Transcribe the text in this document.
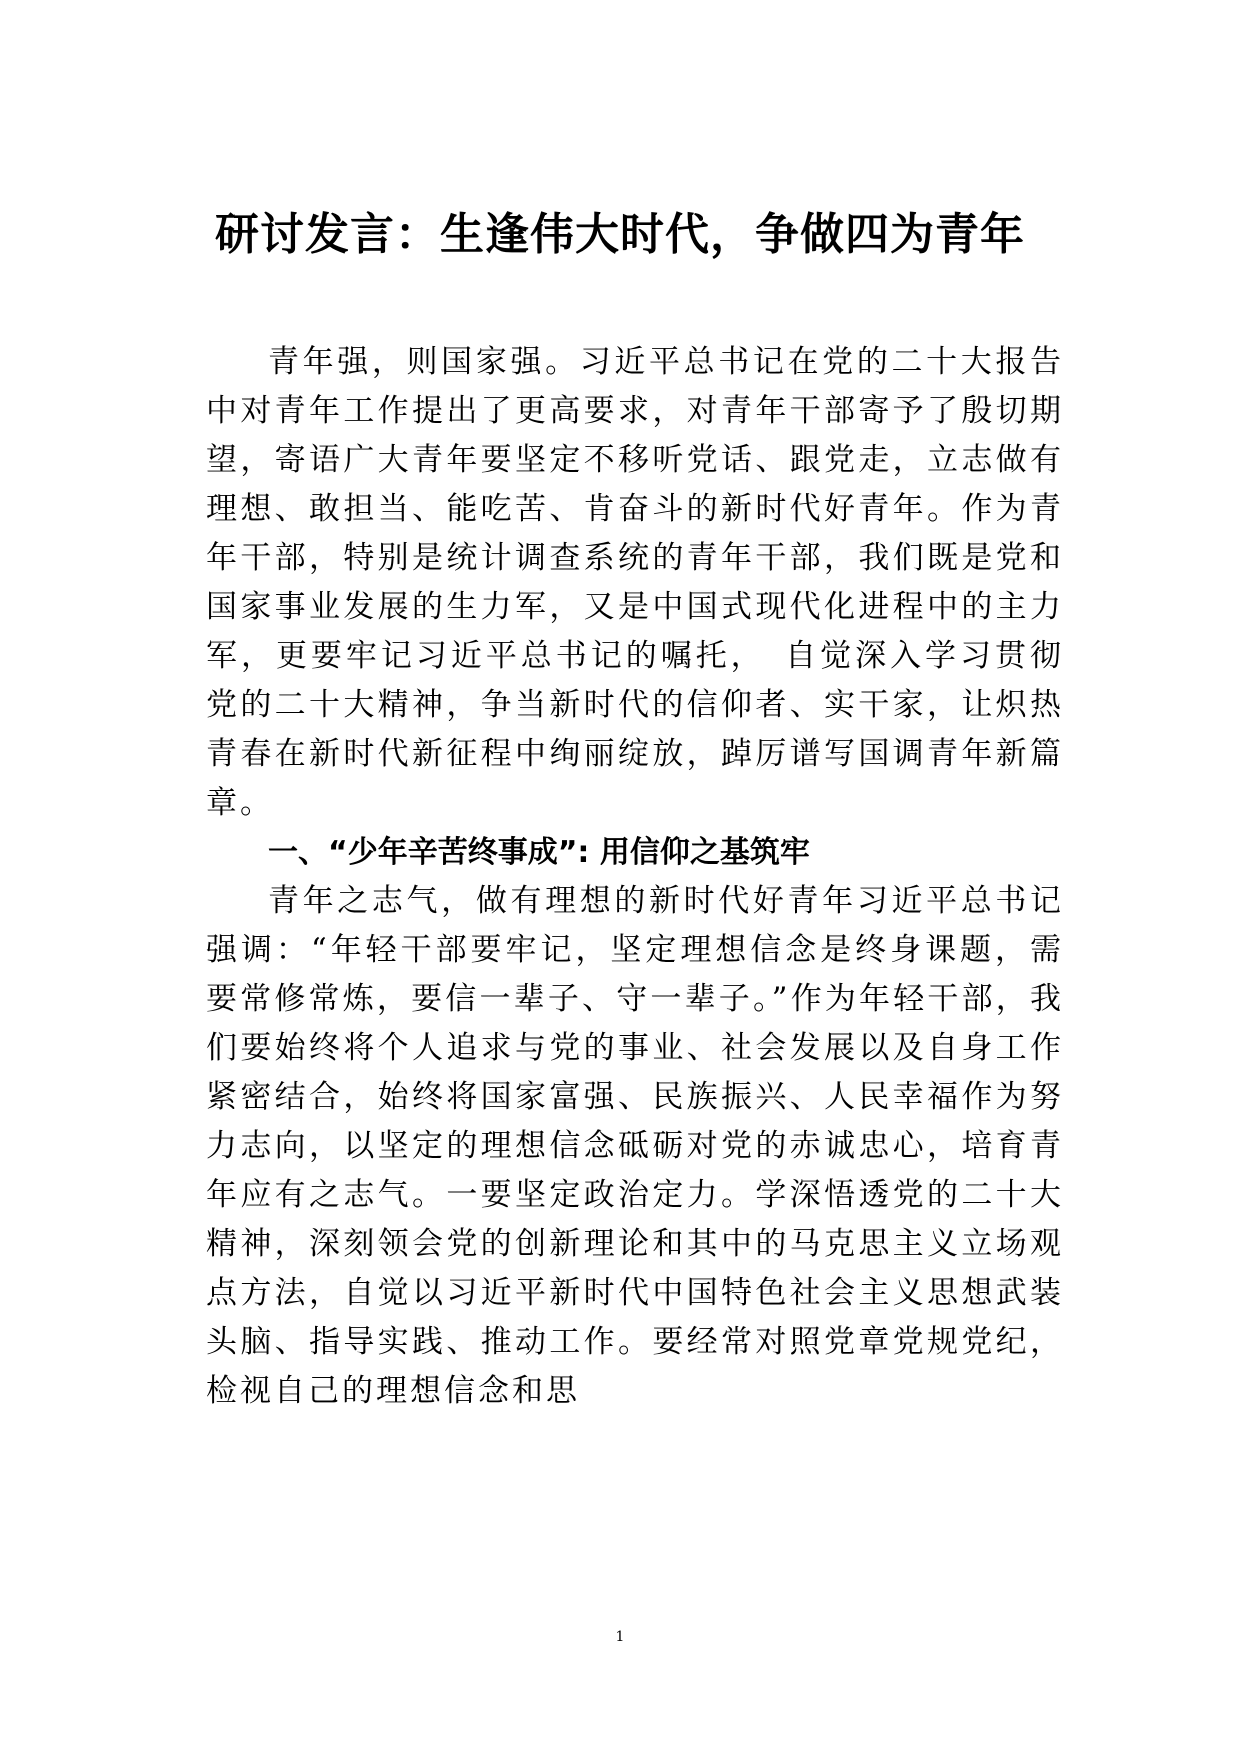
研讨发言：生逢伟大时代，争做四为青年

青年强，则国家强。习近平总书记在党的二十大报告中对青年工作提出了更高要求，对青年干部寄予了殷切期望，寄语广大青年要坚定不移听党话、跟党走，立志做有理想、敢担当、能吃苦、肯奋斗的新时代好青年。作为青年干部，特别是统计调查系统的青年干部，我们既是党和国家事业发展的生力军，又是中国式现代化进程中的主力军，更要牢记习近平总书记的嘱托，　自觉深入学习贯彻党的二十大精神，争当新时代的信仰者、实干家，让炽热青春在新时代新征程中绚丽绽放，踔厉谱写国调青年新篇章。

一、“少年辛苦终事成”: 用信仰之基筑牢

青年之志气，做有理想的新时代好青年习近平总书记强调：“年轻干部要牢记，坚定理想信念是终身课题，需要常修常炼，要信一辈子、守一辈子。”作为年轻干部，我们要始终将个人追求与党的事业、社会发展以及自身工作紧密结合，始终将国家富强、民族振兴、人民幸福作为努力志向，以坚定的理想信念砥砺对党的赤诚忠心，培育青年应有之志气。一要坚定政治定力。学深悟透党的二十大精神，深刻领会党的创新理论和其中的马克思主义立场观点方法，自觉以习近平新时代中国特色社会主义思想武装头脑、指导实践、推动工作。要经常对照党章党规党纪，检视自己的理想信念和思

1
